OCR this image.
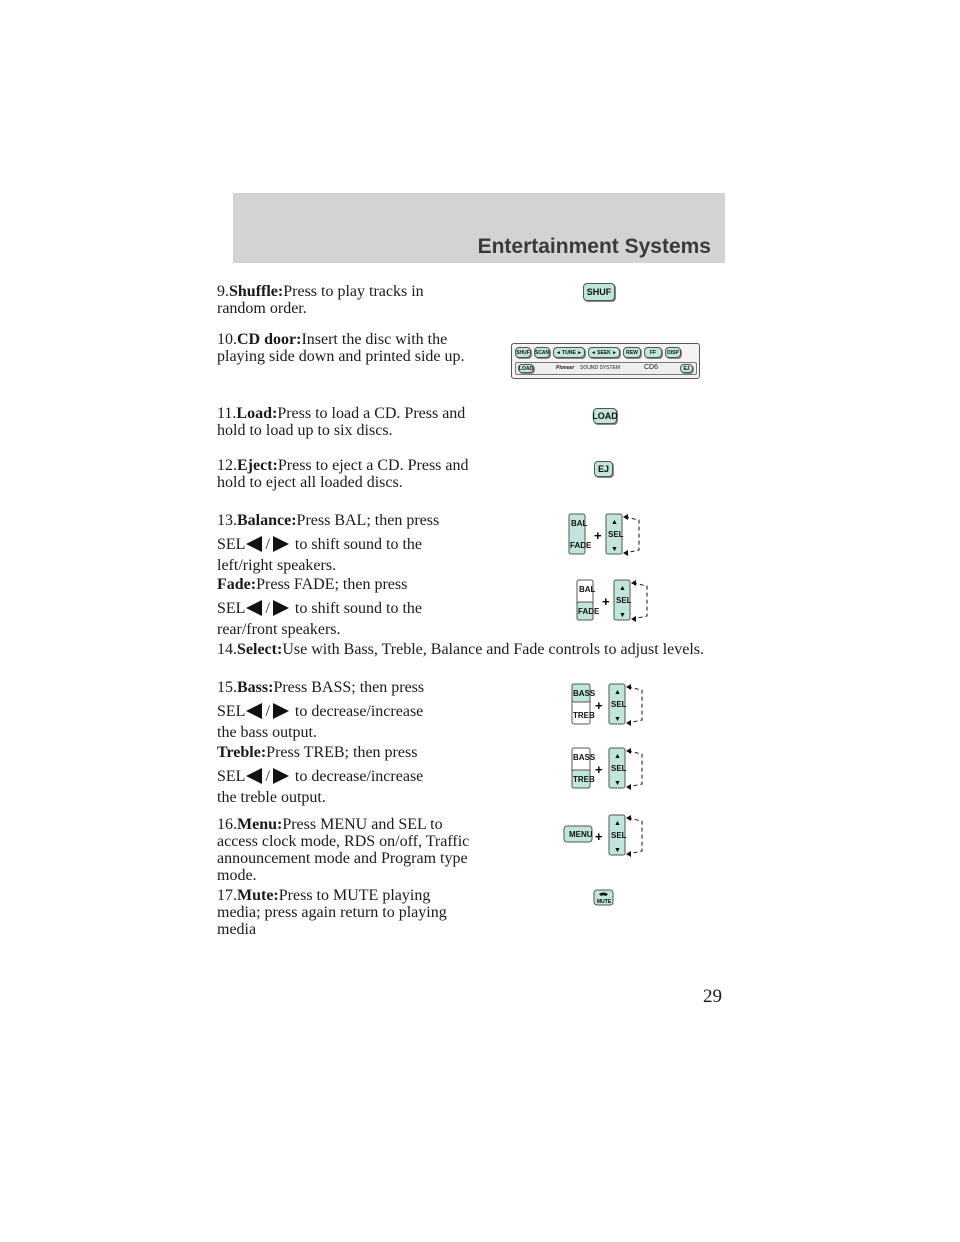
Entertainment Systems
9.Shuffle:Press to play tracks in random order.
SHUF
10.CD door:Insert the disc with the playing side down and printed side up.	SHUF SCAN	◄ TUNE ►	◄ SEEK ►	REW	FF	DISP
LOAD	Pioneer SOUND SYSTEM	CD6	EJ
11.Load:Press to load a CD. Press and hold to load up to six discs.
LOAD
12.Eject:Press to eject a CD. Press and hold to eject all loaded discs.
EJ
13.Balance:Press BAL; then press
SEL / to shift sound to the
left/right speakers.
BAL
FADE
+
▲
SEL
▼
Fade:Press FADE; then press
SEL / to shift sound to the
rear/front speakers.
BAL
FADE
+
▲
SEL
▼
14.Select:Use with Bass, Treble, Balance and Fade controls to adjust levels.
15.Bass:Press BASS; then press
SEL / to decrease/increase
the bass output.
BASS
TREB
+
▲
SEL
▼
Treble:Press TREB; then press
SEL / to decrease/increase
the treble output.
BASS
TREB
+
▲
SEL
▼
16.Menu:Press MENU and SEL to access clock mode, RDS on/off, Traffic announcement mode and Program type mode.
MENU +
▲
SEL
▼
17.Mute:Press to MUTE playing media; press again return to playing media
MUTE
29
